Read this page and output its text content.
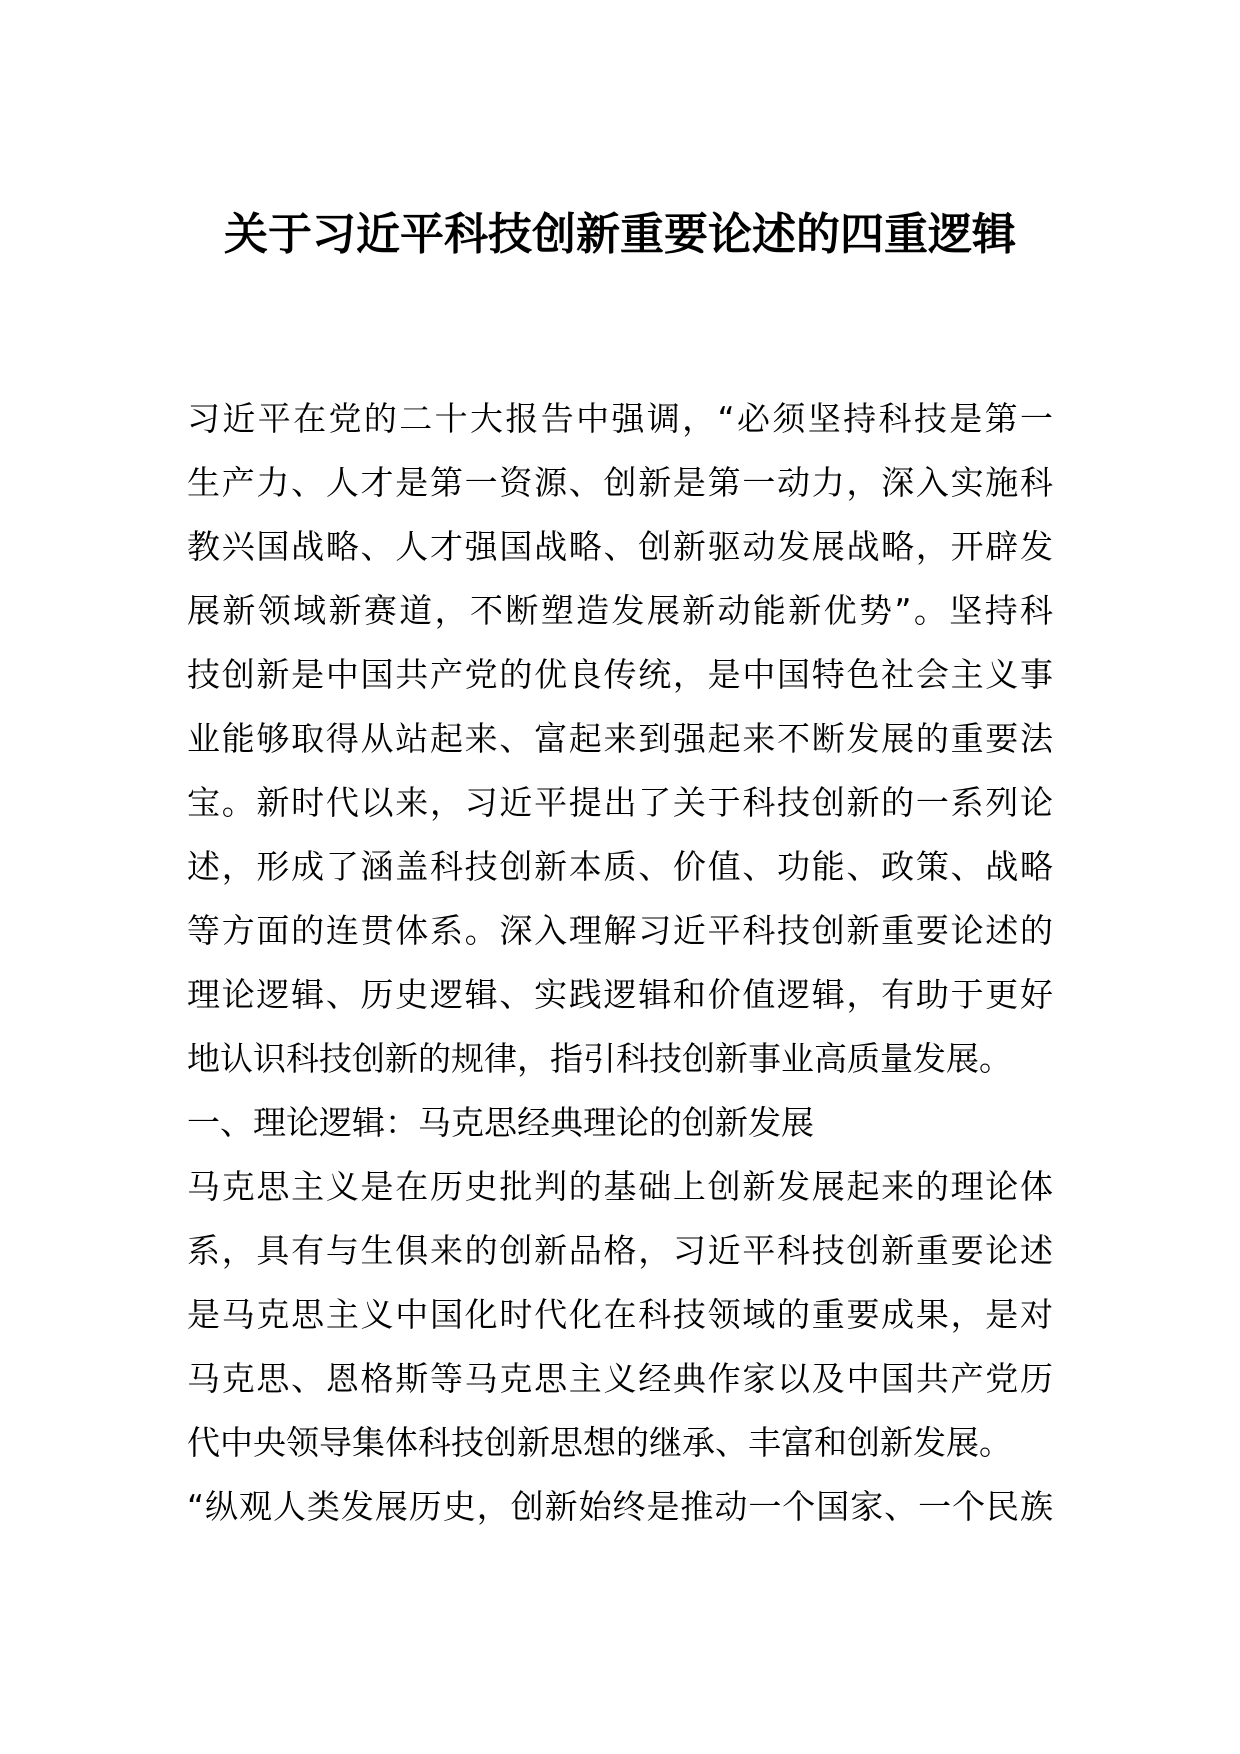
关于习近平科技创新重要论述的四重逻辑
习近平在党的二十大报告中强调，“必须坚持科技是第一
生产力、人才是第一资源、创新是第一动力，深入实施科
教兴国战略、人才强国战略、创新驱动发展战略，开辟发
展新领域新赛道，不断塑造发展新动能新优势”。坚持科
技创新是中国共产党的优良传统，是中国特色社会主义事
业能够取得从站起来、富起来到强起来不断发展的重要法
宝。新时代以来，习近平提出了关于科技创新的一系列论
述，形成了涵盖科技创新本质、价值、功能、政策、战略
等方面的连贯体系。深入理解习近平科技创新重要论述的
理论逻辑、历史逻辑、实践逻辑和价值逻辑，有助于更好
地认识科技创新的规律，指引科技创新事业高质量发展。
一、理论逻辑：马克思经典理论的创新发展
马克思主义是在历史批判的基础上创新发展起来的理论体
系，具有与生俱来的创新品格，习近平科技创新重要论述
是马克思主义中国化时代化在科技领域的重要成果，是对
马克思、恩格斯等马克思主义经典作家以及中国共产党历
代中央领导集体科技创新思想的继承、丰富和创新发展。
“纵观人类发展历史，创新始终是推动一个国家、一个民族
